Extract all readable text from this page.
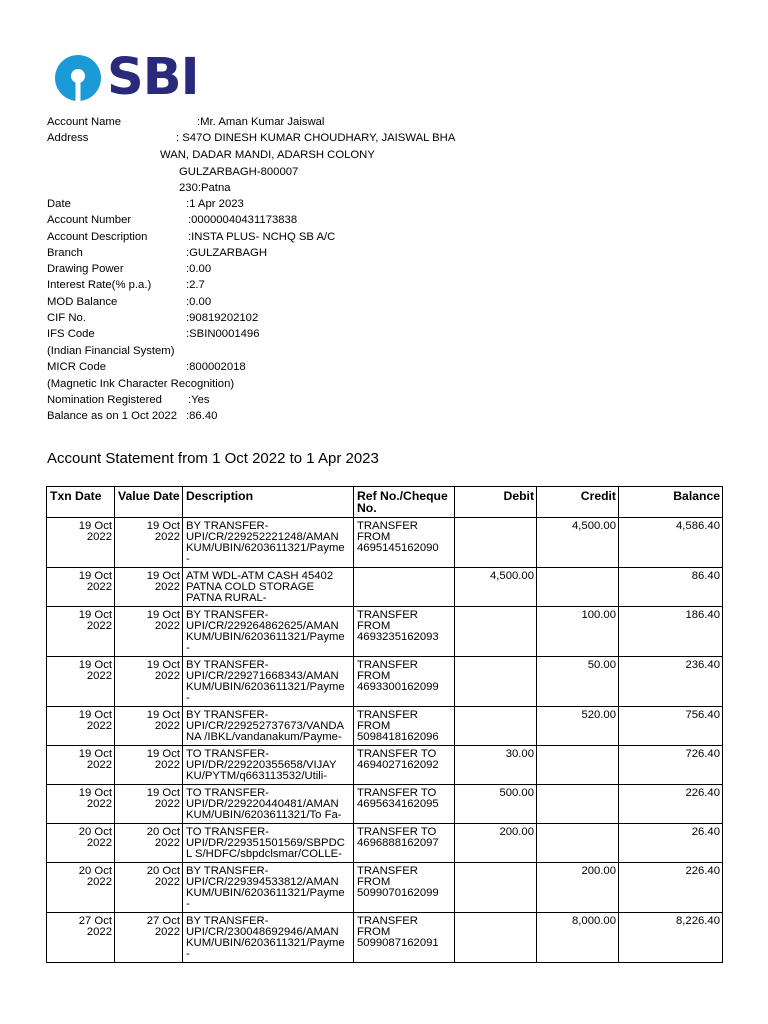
SBI
Account Name	:Mr. Aman Kumar Jaiswal
Address	: S47O DINESH KUMAR CHOUDHARY, JAISWAL BHA
WAN, DADAR MANDI, ADARSH COLONY
GULZARBAGH-800007
230:Patna
Date	:1 Apr 2023
Account Number	:00000040431173838
Account Description	:INSTA PLUS- NCHQ SB A/C
Branch	:GULZARBAGH
Drawing Power	:0.00
Interest Rate(% p.a.)	:2.7
MOD Balance	:0.00
CIF No.	:90819202102
IFS Code	:SBIN0001496
(Indian Financial System)
MICR Code	:800002018
(Magnetic Ink Character Recognition)
Nomination Registered :Yes
Balance as on 1 Oct 2022 :86.40
Account Statement from 1 Oct 2022 to 1 Apr 2023
Txn Date	Value Date	Description	Ref No./Cheque No.	Debit	Credit	Balance

19 Oct
2022	19 Oct
2022	BY TRANSFER-
UPI/CR/229252221248/AMAN
KUM/UBIN/6203611321/Payme
-	TRANSFER
FROM
4695145162090		4,500.00	4,586.40

19 Oct
2022	19 Oct
2022	ATM WDL-ATM CASH 45402
PATNA COLD STORAGE
PATNA RURAL-		4,500.00		86.40

19 Oct
2022	19 Oct
2022	BY TRANSFER-
UPI/CR/229264862625/AMAN
KUM/UBIN/6203611321/Payme
-	TRANSFER
FROM
4693235162093		100.00	186.40

19 Oct
2022	19 Oct
2022	BY TRANSFER-
UPI/CR/229271668343/AMAN
KUM/UBIN/6203611321/Payme
-	TRANSFER
FROM
4693300162099		50.00	236.40

19 Oct
2022	19 Oct
2022	BY TRANSFER-
UPI/CR/229252737673/VANDA
NA /IBKL/vandanakum/Payme-	TRANSFER
FROM
5098418162096		520.00	756.40

19 Oct
2022	19 Oct
2022	TO TRANSFER-
UPI/DR/229220355658/VIJAY
KU/PYTM/q663113532/Utili-	TRANSFER TO
4694027162092	30.00		726.40

19 Oct
2022	19 Oct
2022	TO TRANSFER-
UPI/DR/229220440481/AMAN
KUM/UBIN/6203611321/To Fa-	TRANSFER TO
4695634162095	500.00		226.40

20 Oct
2022	20 Oct
2022	TO TRANSFER-
UPI/DR/229351501569/SBPDC
L S/HDFC/sbpdclsmar/COLLE-	TRANSFER TO
4696888162097	200.00		26.40

20 Oct
2022	20 Oct
2022	BY TRANSFER-
UPI/CR/229394533812/AMAN
KUM/UBIN/6203611321/Payme
-	TRANSFER
FROM
5099070162099		200.00	226.40

27 Oct
2022	27 Oct
2022	BY TRANSFER-
UPI/CR/230048692946/AMAN
KUM/UBIN/6203611321/Payme
-	TRANSFER
FROM
5099087162091		8,000.00	8,226.40
